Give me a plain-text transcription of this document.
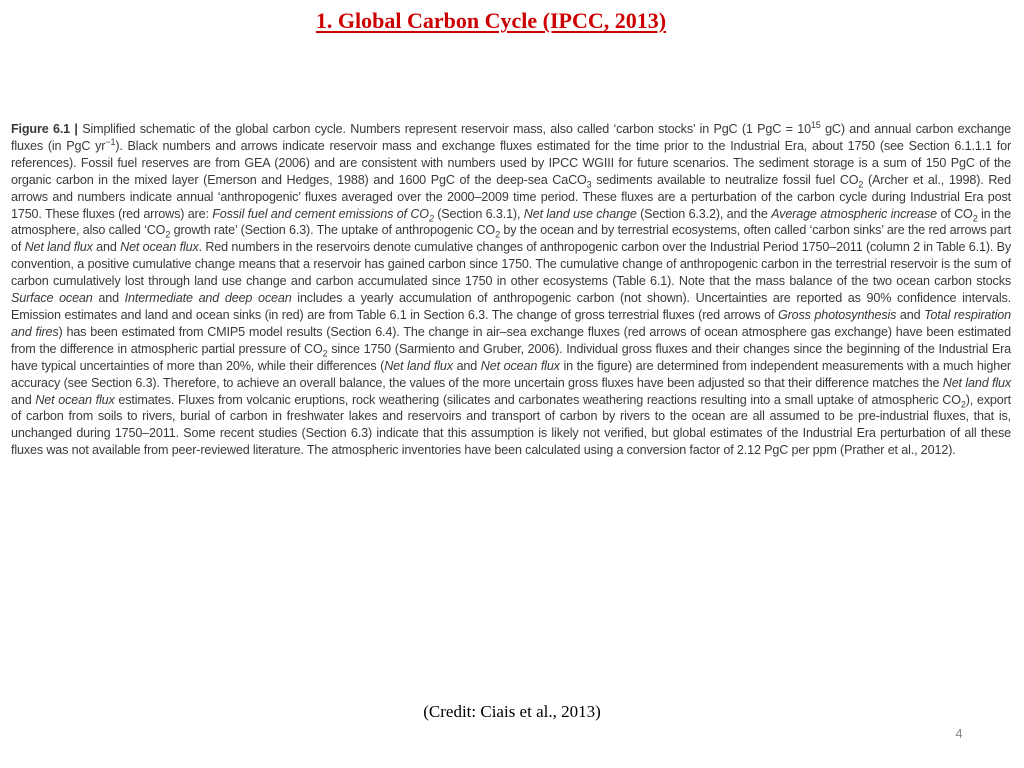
1. Global Carbon Cycle (IPCC, 2013)

Figure 6.1 | Simplified schematic of the global carbon cycle. Numbers represent reservoir mass, also called ‘carbon stocks’ in PgC (1 PgC = $10^{15}$ gC) and annual carbon exchange fluxes (in PgC $yr^{-1}$). Black numbers and arrows indicate reservoir mass and exchange fluxes estimated for the time prior to the Industrial Era, about 1750 (see Section 6.1.1.1 for references). Fossil fuel reserves are from GEA (2006) and are consistent with numbers used by IPCC WGIII for future scenarios. The sediment storage is a sum of 150 PgC of the organic carbon in the mixed layer (Emerson and Hedges, 1988) and 1600 PgC of the deep-sea CaCO$_3$ sediments available to neutralize fossil fuel $CO_2$ (Archer et al., 1998). Red arrows and numbers indicate annual ‘anthropogenic’ fluxes averaged over the 2000–2009 time period. These fluxes are a perturbation of the carbon cycle during Industrial Era post 1750. These fluxes (red arrows) are: Fossil fuel and cement emissions of $CO_2$ (Section 6.3.1), Net land use change (Section 6.3.2), and the Average atmospheric increase of $CO_2$ in the atmosphere, also called ‘$CO_2$ growth rate’ (Section 6.3). The uptake of anthropogenic $CO_2$ by the ocean and by terrestrial ecosystems, often called ‘carbon sinks’ are the red arrows part of Net land flux and Net ocean flux. Red numbers in the reservoirs denote cumulative changes of anthropogenic carbon over the Industrial Period 1750–2011 (column 2 in Table 6.1). By convention, a positive cumulative change means that a reservoir has gained carbon since 1750. The cumulative change of anthropogenic carbon in the terrestrial reservoir is the sum of carbon cumulatively lost through land use change and carbon accumulated since 1750 in other ecosystems (Table 6.1). Note that the mass balance of the two ocean carbon stocks Surface ocean and Intermediate and deep ocean includes a yearly accumulation of anthropogenic carbon (not shown). Uncertainties are reported as 90% confidence intervals. Emission estimates and land and ocean sinks (in red) are from Table 6.1 in Section 6.3. The change of gross terrestrial fluxes (red arrows of Gross photosynthesis and Total respiration and fires) has been estimated from CMIP5 model results (Section 6.4). The change in air–sea exchange fluxes (red arrows of ocean atmosphere gas exchange) have been estimated from the difference in atmospheric partial pressure of $CO_2$ since 1750 (Sarmiento and Gruber, 2006). Individual gross fluxes and their changes since the beginning of the Industrial Era have typical uncertainties of more than 20%, while their differences (Net land flux and Net ocean flux in the figure) are determined from independent measurements with a much higher accuracy (see Section 6.3). Therefore, to achieve an overall balance, the values of the more uncertain gross fluxes have been adjusted so that their difference matches the Net land flux and Net ocean flux estimates. Fluxes from volcanic eruptions, rock weathering (silicates and carbonates weathering reactions resulting into a small uptake of atmospheric $CO_2$), export of carbon from soils to rivers, burial of carbon in freshwater lakes and reservoirs and transport of carbon by rivers to the ocean are all assumed to be pre-industrial fluxes, that is, unchanged during 1750–2011. Some recent studies (Section 6.3) indicate that this assumption is likely not verified, but global estimates of the Industrial Era perturbation of all these fluxes was not available from peer-reviewed literature. The atmospheric inventories have been calculated using a conversion factor of 2.12 PgC per ppm (Prather et al., 2012).

(Credit: Ciais et al., 2013)

4
